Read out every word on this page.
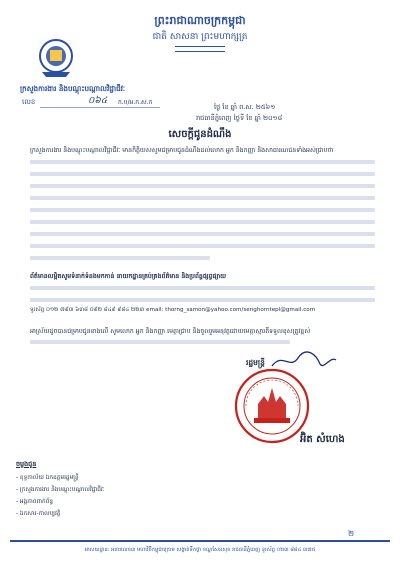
ព្រះរាជាណាចក្រកម្ពុជា
ជាតិ សាសនា ព្រះមហាក្សត្រ
ក្រសួងការងារ និងបណ្តុះបណ្តាលវិជ្ជាជីវៈ
លេខ	០៦៤ ក.ប/អ.ក.ស.ក
ថ្ងៃ ខែ ឆ្នាំ ព.ស. ២៥៦១
រាជធានីភ្នំពេញ ថ្ងៃទី ខែ ឆ្នាំ ២០១៨
សេចក្តីជូនដំណឹង
ក្រសួងការងារ និងបណ្តុះបណ្តាលវិជ្ជាជីវៈ មានកិត្តិយសសូមជម្រាបជូនដំណឹងដល់លោក អ្នក និងកញ្ញា និងសាធារណជនទាំងអស់ជ្រាបថា
ព័ត៌មានលម្អិតសូមទំនាក់ទំនងមកកាន់ នាយកដ្ឋានគ្រប់គ្រងព័ត៌មាន និងប្រព័ន្ធផ្សព្វផ្សាយ
ទូរស័ព្ទ ០១២ ៧៩៣ ៦៣៨ ០៩២ ៨៤៩ ៩៨៤ ២២៣ email: thorng_samon@yahoo.com/senghorntepl@gmail.com
អាស្រ័យដូចបានជម្រាបជូនខាងលើ សូមលោក អ្នក និងកញ្ញា មេត្តាជ្រាប និងចូលរួមអនុវត្តដោយមេត្តាស្មារតីទទួលខុសត្រូវខ្ពស់
រដ្ឋមន្ត្រី
អ៊ិត សំហេង
ចម្លងជូន
- ខុទ្ទកាល័យ ឯកឧត្តមរដ្ឋមន្ត្រី
- ក្រសួងការងារ និងបណ្តុះបណ្តាលវិជ្ជាជីវៈ
- អង្គភាពពាក់ព័ន្ធ
- ឯកសារ-កាលប្បវត្តិ
២
អាសយដ្ឋាន: អគារលេខ៣ មហាវិថីកម្ពុជាក្រោម សង្កាត់ទឹកថ្លា ខណ្ឌសែនសុខ រាជធានីភ្នំពេញ ទូរស័ព្ទ ០២៣ ៨៨៤ ៣៧៥
